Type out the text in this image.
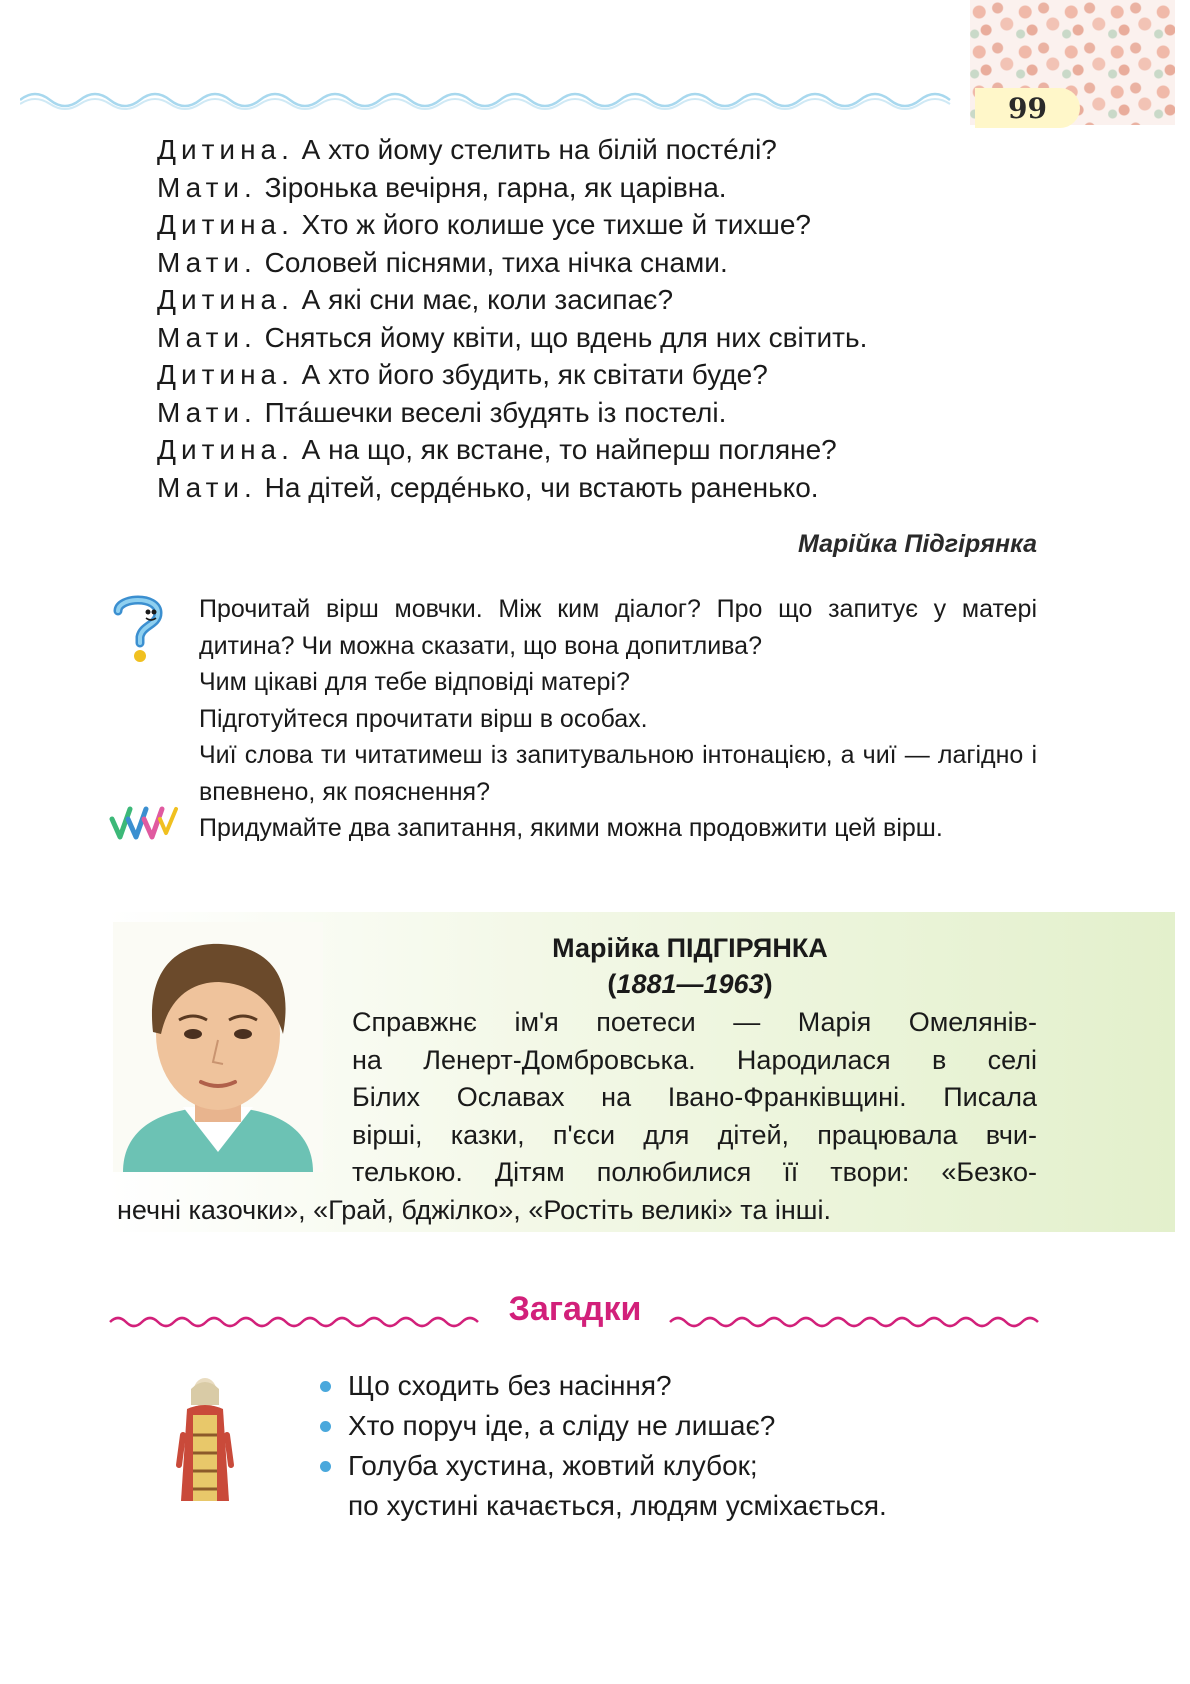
99
Дитина. А хто йому стелить на білій постéлі?
Мати. Зіронька вечірня, гарна, як царівна.
Дитина. Хто ж його колише усе тихше й тихше?
Мати. Соловей піснями, тиха нічка снами.
Дитина. А які сни має, коли засипає?
Мати. Сняться йому квіти, що вдень для них світить.
Дитина. А хто його збудить, як світати буде?
Мати. Птáшечки веселі збудять із постелі.
Дитина. А на що, як встане, то найперш погляне?
Мати. На дітей, сердéнько, чи встають раненько.
Марійка Підгірянка
Прочитай вірш мовчки. Між ким діалог? Про що запитує у матері дитина? Чи можна сказати, що вона допитлива?
Чим цікаві для тебе відповіді матері?
Підготуйтеся прочитати вірш в особах.
Чиї слова ти читатимеш із запитувальною інтонацією, а чиї — лагідно і впевнено, як пояснення?
Придумайте два запитання, якими можна продовжити цей вірш.
Марійка ПІДГІРЯНКА
(1881—1963)
Справжнє ім'я поетеси — Марія Омелянів-
на Ленерт-Домбровська. Народилася в селі
Білих Ославах на Івано-Франківщині. Писала
вірші, казки, п'єси для дітей, працювала вчи-
телькою. Дітям полюбилися її твори: «Безко-
нечні казочки», «Грай, бджілко», «Ростіть великі» та інші.
Загадки
Що сходить без насіння?
Хто поруч іде, а сліду не лишає?
Голуба хустина, жовтий клубок;
по хустині качається, людям усміхається.
